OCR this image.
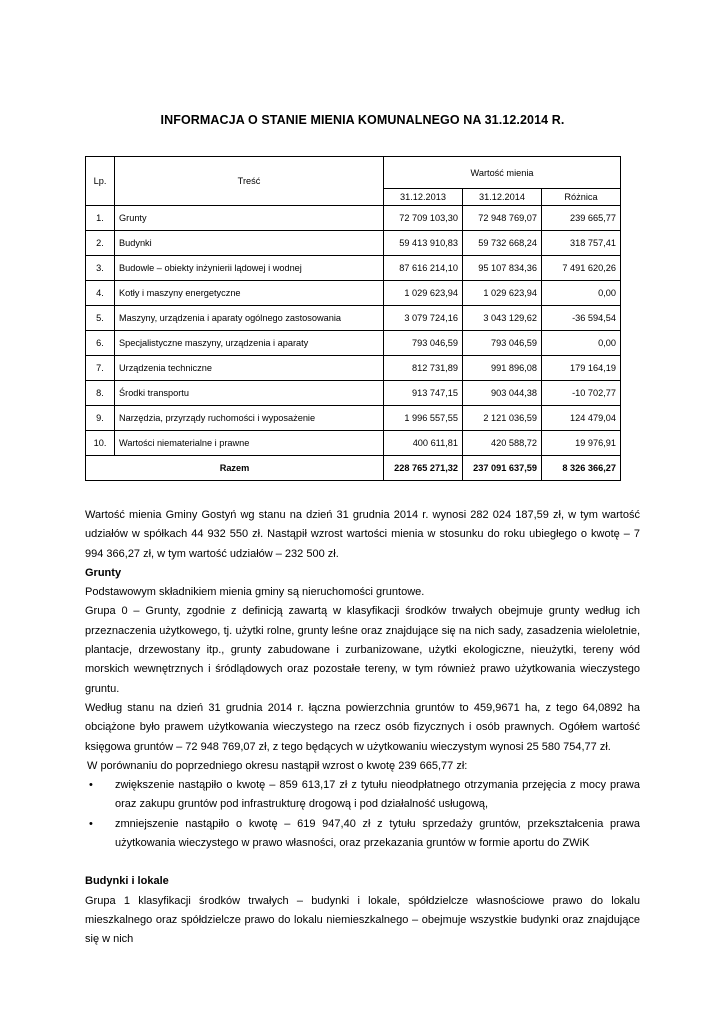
INFORMACJA O STANIE MIENIA KOMUNALNEGO NA 31.12.2014 R.
Lp.	Treść	Wartość mienia		
		31.12.2013	31.12.2014	Różnica
1.	Grunty	72 709 103,30	72 948 769,07	239 665,77
2.	Budynki	59 413 910,83	59 732 668,24	318 757,41
3.	Budowle – obiekty inżynierii lądowej i wodnej	87 616 214,10	95 107 834,36	7 491 620,26
4.	Kotły i maszyny energetyczne	1 029 623,94	1 029 623,94	0,00
5.	Maszyny, urządzenia i aparaty ogólnego zastosowania	3 079 724,16	3 043 129,62	-36 594,54
6.	Specjalistyczne maszyny, urządzenia i aparaty	793 046,59	793 046,59	0,00
7.	Urządzenia techniczne	812 731,89	991 896,08	179 164,19
8.	Środki transportu	913 747,15	903 044,38	-10 702,77
9.	Narzędzia, przyrządy ruchomości i wyposażenie	1 996 557,55	2 121 036,59	124 479,04
10.	Wartości niematerialne i prawne	400 611,81	420 588,72	19 976,91
Razem		228 765 271,32	237 091 637,59	8 326 366,27

Wartość mienia Gminy Gostyń wg stanu na dzień 31 grudnia 2014 r. wynosi 282 024 187,59 zł, w tym wartość udziałów w spółkach 44 932 550 zł. Nastąpił wzrost wartości mienia w stosunku do roku ubiegłego o kwotę – 7 994 366,27 zł, w tym wartość udziałów – 232 500 zł.

Grunty

Podstawowym składnikiem mienia gminy są nieruchomości gruntowe.

Grupa 0 – Grunty, zgodnie z definicją zawartą w klasyfikacji środków trwałych obejmuje grunty według ich przeznaczenia użytkowego, tj. użytki rolne, grunty leśne oraz znajdujące się na nich sady, zasadzenia wieloletnie, plantacje, drzewostany itp., grunty zabudowane i zurbanizowane, użytki ekologiczne, nieużytki, tereny wód morskich wewnętrznych i śródlądowych oraz pozostałe tereny, w tym również prawo użytkowania wieczystego gruntu.

Według stanu na dzień 31 grudnia 2014 r. łączna powierzchnia gruntów to 459,9671 ha, z tego 64,0892 ha obciążone było prawem użytkowania wieczystego na rzecz osób fizycznych i osób prawnych. Ogółem wartość księgowa gruntów – 72 948 769,07 zł, z tego będących w użytkowaniu wieczystym wynosi 25 580 754,77 zł.

W porównaniu do poprzedniego okresu nastąpił wzrost o kwotę 239 665,77 zł:

• zwiększenie nastąpiło o kwotę – 859 613,17 zł z tytułu nieodpłatnego otrzymania przejęcia z mocy prawa oraz zakupu gruntów pod infrastrukturę drogową i pod działalność usługową,
• zmniejszenie nastąpiło o kwotę – 619 947,40 zł z tytułu sprzedaży gruntów, przekształcenia prawa użytkowania wieczystego w prawo własności, oraz przekazania gruntów w formie aportu do ZWiK

Budynki i lokale

Grupa 1 klasyfikacji środków trwałych – budynki i lokale, spółdzielcze własnościowe prawo do lokalu mieszkalnego oraz spółdzielcze prawo do lokalu niemieszkalnego – obejmuje wszystkie budynki oraz znajdujące się w nich
